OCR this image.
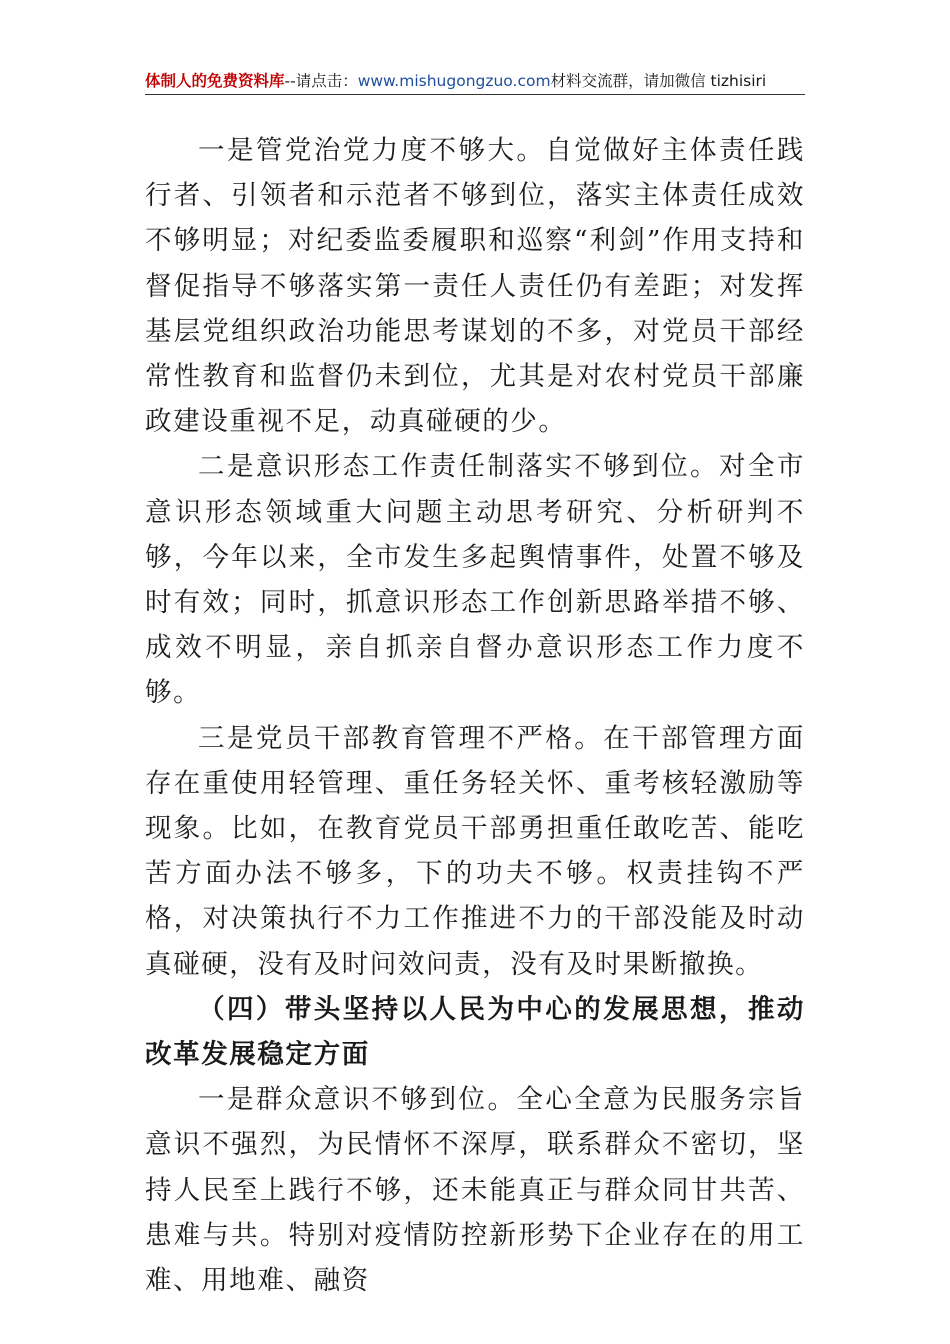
体制人的免费资料库--请点击：www.mishugongzuo.com材料交流群，请加微信 tizhisiri

一是管党治党力度不够大。自觉做好主体责任践行者、引领者和示范者不够到位，落实主体责任成效不够明显；对纪委监委履职和巡察“利剑”作用支持和督促指导不够落实第一责任人责任仍有差距；对发挥基层党组织政治功能思考谋划的不多，对党员干部经常性教育和监督仍未到位，尤其是对农村党员干部廉政建设重视不足，动真碰硬的少。

二是意识形态工作责任制落实不够到位。对全市意识形态领域重大问题主动思考研究、分析研判不够，今年以来，全市发生多起舆情事件，处置不够及时有效；同时，抓意识形态工作创新思路举措不够、成效不明显，亲自抓亲自督办意识形态工作力度不够。

三是党员干部教育管理不严格。在干部管理方面存在重使用轻管理、重任务轻关怀、重考核轻激励等现象。比如，在教育党员干部勇担重任敢吃苦、能吃苦方面办法不够多，下的功夫不够。权责挂钩不严格，对决策执行不力工作推进不力的干部没能及时动真碰硬，没有及时问效问责，没有及时果断撤换。

（四）带头坚持以人民为中心的发展思想，推动改革发展稳定方面

一是群众意识不够到位。全心全意为民服务宗旨意识不强烈，为民情怀不深厚，联系群众不密切，坚持人民至上践行不够，还未能真正与群众同甘共苦、患难与共。特别对疫情防控新形势下企业存在的用工难、用地难、融资
